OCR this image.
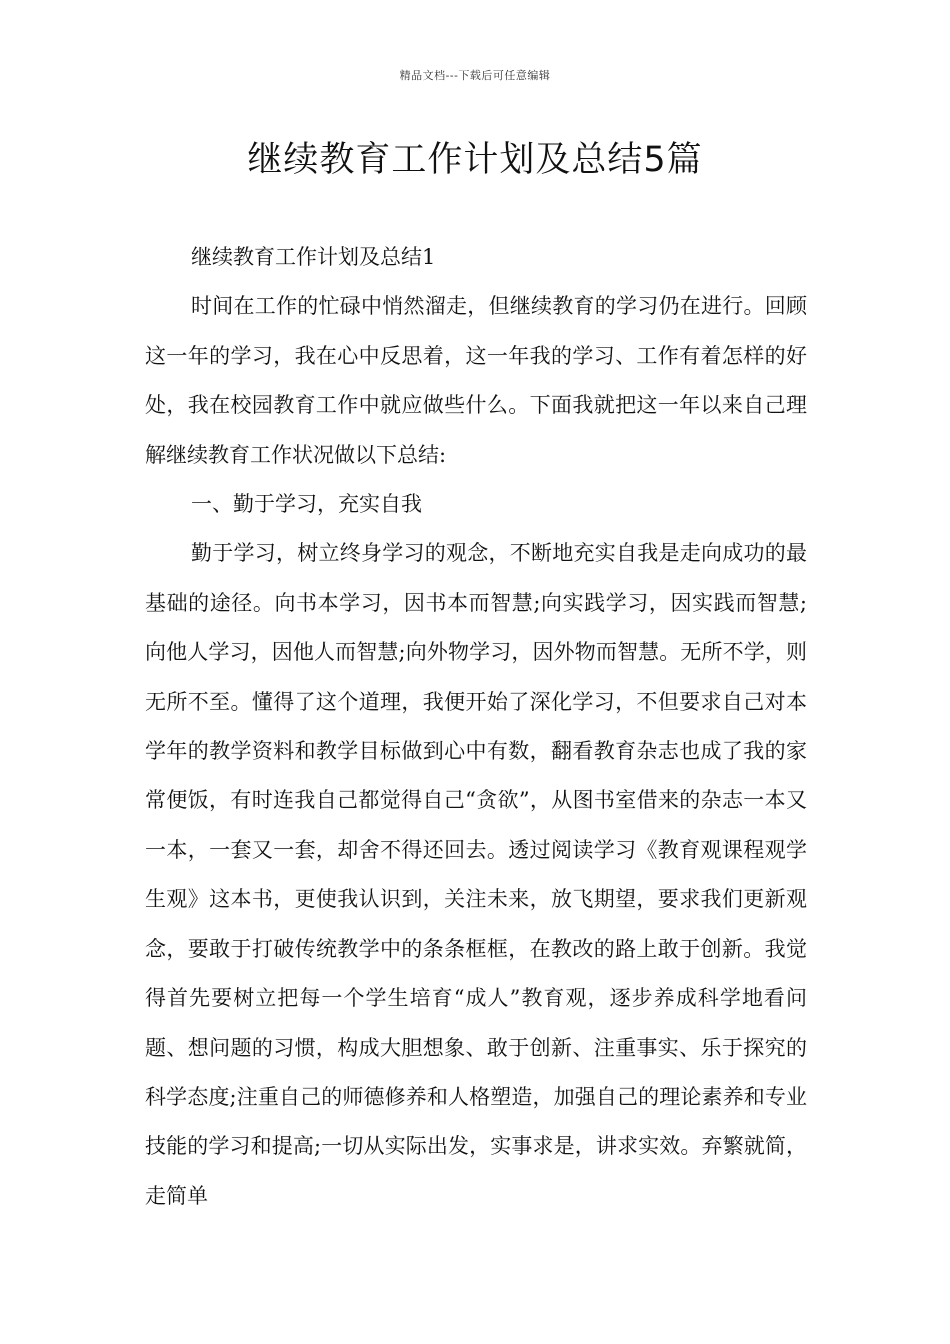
精品文档---下载后可任意编辑
继续教育工作计划及总结5篇

继续教育工作计划及总结1

时间在工作的忙碌中悄然溜走，但继续教育的学习仍在进行。回顾这一年的学习，我在心中反思着，这一年我的学习、工作有着怎样的好处，我在校园教育工作中就应做些什么。下面我就把这一年以来自己理解继续教育工作状况做以下总结:

一、勤于学习，充实自我

勤于学习，树立终身学习的观念，不断地充实自我是走向成功的最基础的途径。向书本学习，因书本而智慧;向实践学习，因实践而智慧;向他人学习，因他人而智慧;向外物学习，因外物而智慧。无所不学，则无所不至。懂得了这个道理，我便开始了深化学习，不但要求自己对本学年的教学资料和教学目标做到心中有数，翻看教育杂志也成了我的家常便饭，有时连我自己都觉得自己“贪欲”，从图书室借来的杂志一本又一本，一套又一套，却舍不得还回去。透过阅读学习《教育观课程观学生观》这本书，更使我认识到，关注未来，放飞期望，要求我们更新观念，要敢于打破传统教学中的条条框框，在教改的路上敢于创新。我觉得首先要树立把每一个学生培育“成人”教育观，逐步养成科学地看问题、想问题的习惯，构成大胆想象、敢于创新、注重事实、乐于探究的科学态度;注重自己的师德修养和人格塑造，加强自己的理论素养和专业技能的学习和提高;一切从实际出发，实事求是，讲求实效。弃繁就简，走简单
